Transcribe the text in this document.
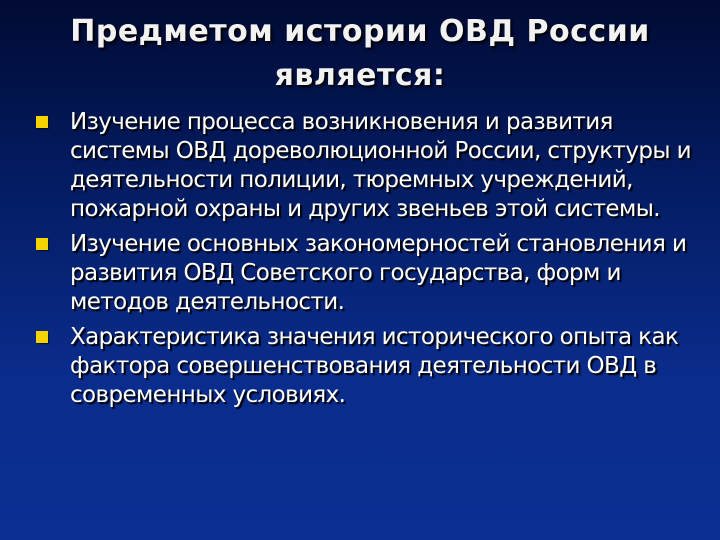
Предметом истории ОВД России является:
Изучение процесса возникновения и развития системы ОВД дореволюционной России, структуры и деятельности полиции, тюремных учреждений, пожарной охраны и других звеньев этой системы.
Изучение основных закономерностей становления и развития ОВД Советского государства, форм и методов деятельности.
Характеристика значения исторического опыта как фактора совершенствования деятельности ОВД в современных условиях.
